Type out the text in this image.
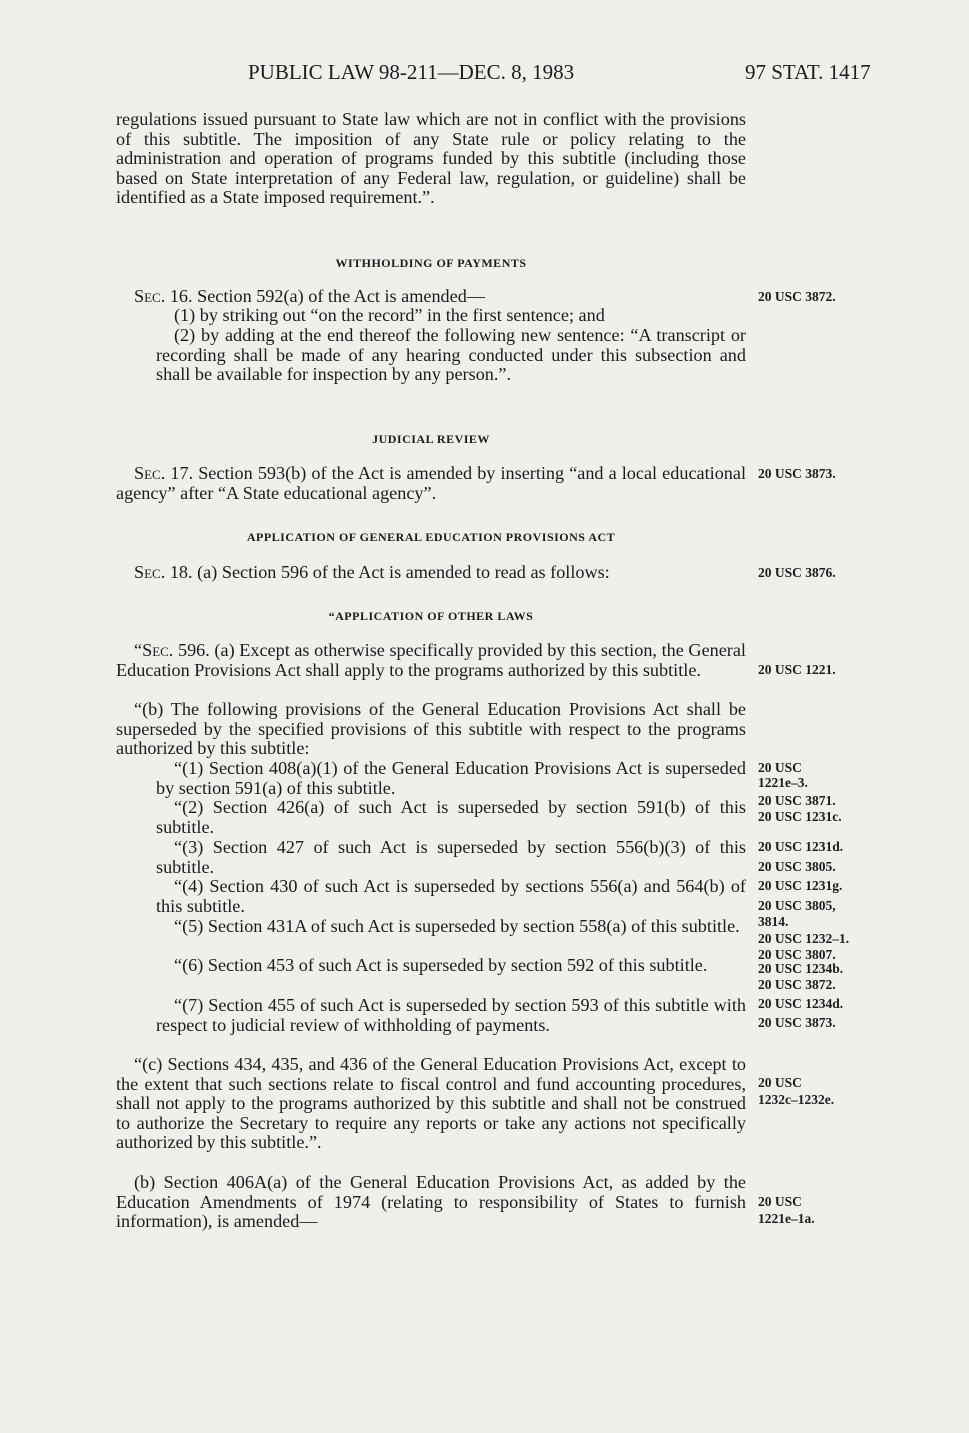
PUBLIC LAW 98-211—DEC. 8, 1983	97 STAT. 1417
regulations issued pursuant to State law which are not in conflict with the provisions of this subtitle. The imposition of any State rule or policy relating to the administration and operation of programs funded by this subtitle (including those based on State interpretation of any Federal law, regulation, or guideline) shall be identified as a State imposed requirement.”.
WITHHOLDING OF PAYMENTS
Sec. 16. Section 592(a) of the Act is amended—
(1) by striking out “on the record” in the first sentence; and
(2) by adding at the end thereof the following new sentence: “A transcript or recording shall be made of any hearing conducted under this subsection and shall be available for inspection by any person.”.
JUDICIAL REVIEW
Sec. 17. Section 593(b) of the Act is amended by inserting “and a local educational agency” after “A State educational agency”.
APPLICATION OF GENERAL EDUCATION PROVISIONS ACT
Sec. 18. (a) Section 596 of the Act is amended to read as follows:
“APPLICATION OF OTHER LAWS
“Sec. 596. (a) Except as otherwise specifically provided by this section, the General Education Provisions Act shall apply to the programs authorized by this subtitle.
“(b) The following provisions of the General Education Provisions Act shall be superseded by the specified provisions of this subtitle with respect to the programs authorized by this subtitle:
“(1) Section 408(a)(1) of the General Education Provisions Act is superseded by section 591(a) of this subtitle.
“(2) Section 426(a) of such Act is superseded by section 591(b) of this subtitle.
“(3) Section 427 of such Act is superseded by section 556(b)(3) of this subtitle.
“(4) Section 430 of such Act is superseded by sections 556(a) and 564(b) of this subtitle.
“(5) Section 431A of such Act is superseded by section 558(a) of this subtitle.
“(6) Section 453 of such Act is superseded by section 592 of this subtitle.
“(7) Section 455 of such Act is superseded by section 593 of this subtitle with respect to judicial review of withholding of payments.
“(c) Sections 434, 435, and 436 of the General Education Provisions Act, except to the extent that such sections relate to fiscal control and fund accounting procedures, shall not apply to the programs authorized by this subtitle and shall not be construed to authorize the Secretary to require any reports or take any actions not specifically authorized by this subtitle.”.
(b) Section 406A(a) of the General Education Provisions Act, as added by the Education Amendments of 1974 (relating to responsibility of States to furnish information), is amended—
20 USC 3872.
20 USC 3873.
20 USC 3876.
20 USC 1221.
20 USC
1221e–3.
20 USC 3871.
20 USC 1231c.
20 USC 1231d.
20 USC 3805.
20 USC 1231g.
20 USC 3805,
3814.
20 USC 1232–1.
20 USC 3807.
20 USC 1234b.
20 USC 3872.
20 USC 1234d.
20 USC 3873.
20 USC
1232c–1232e.
20 USC
1221e–1a.
